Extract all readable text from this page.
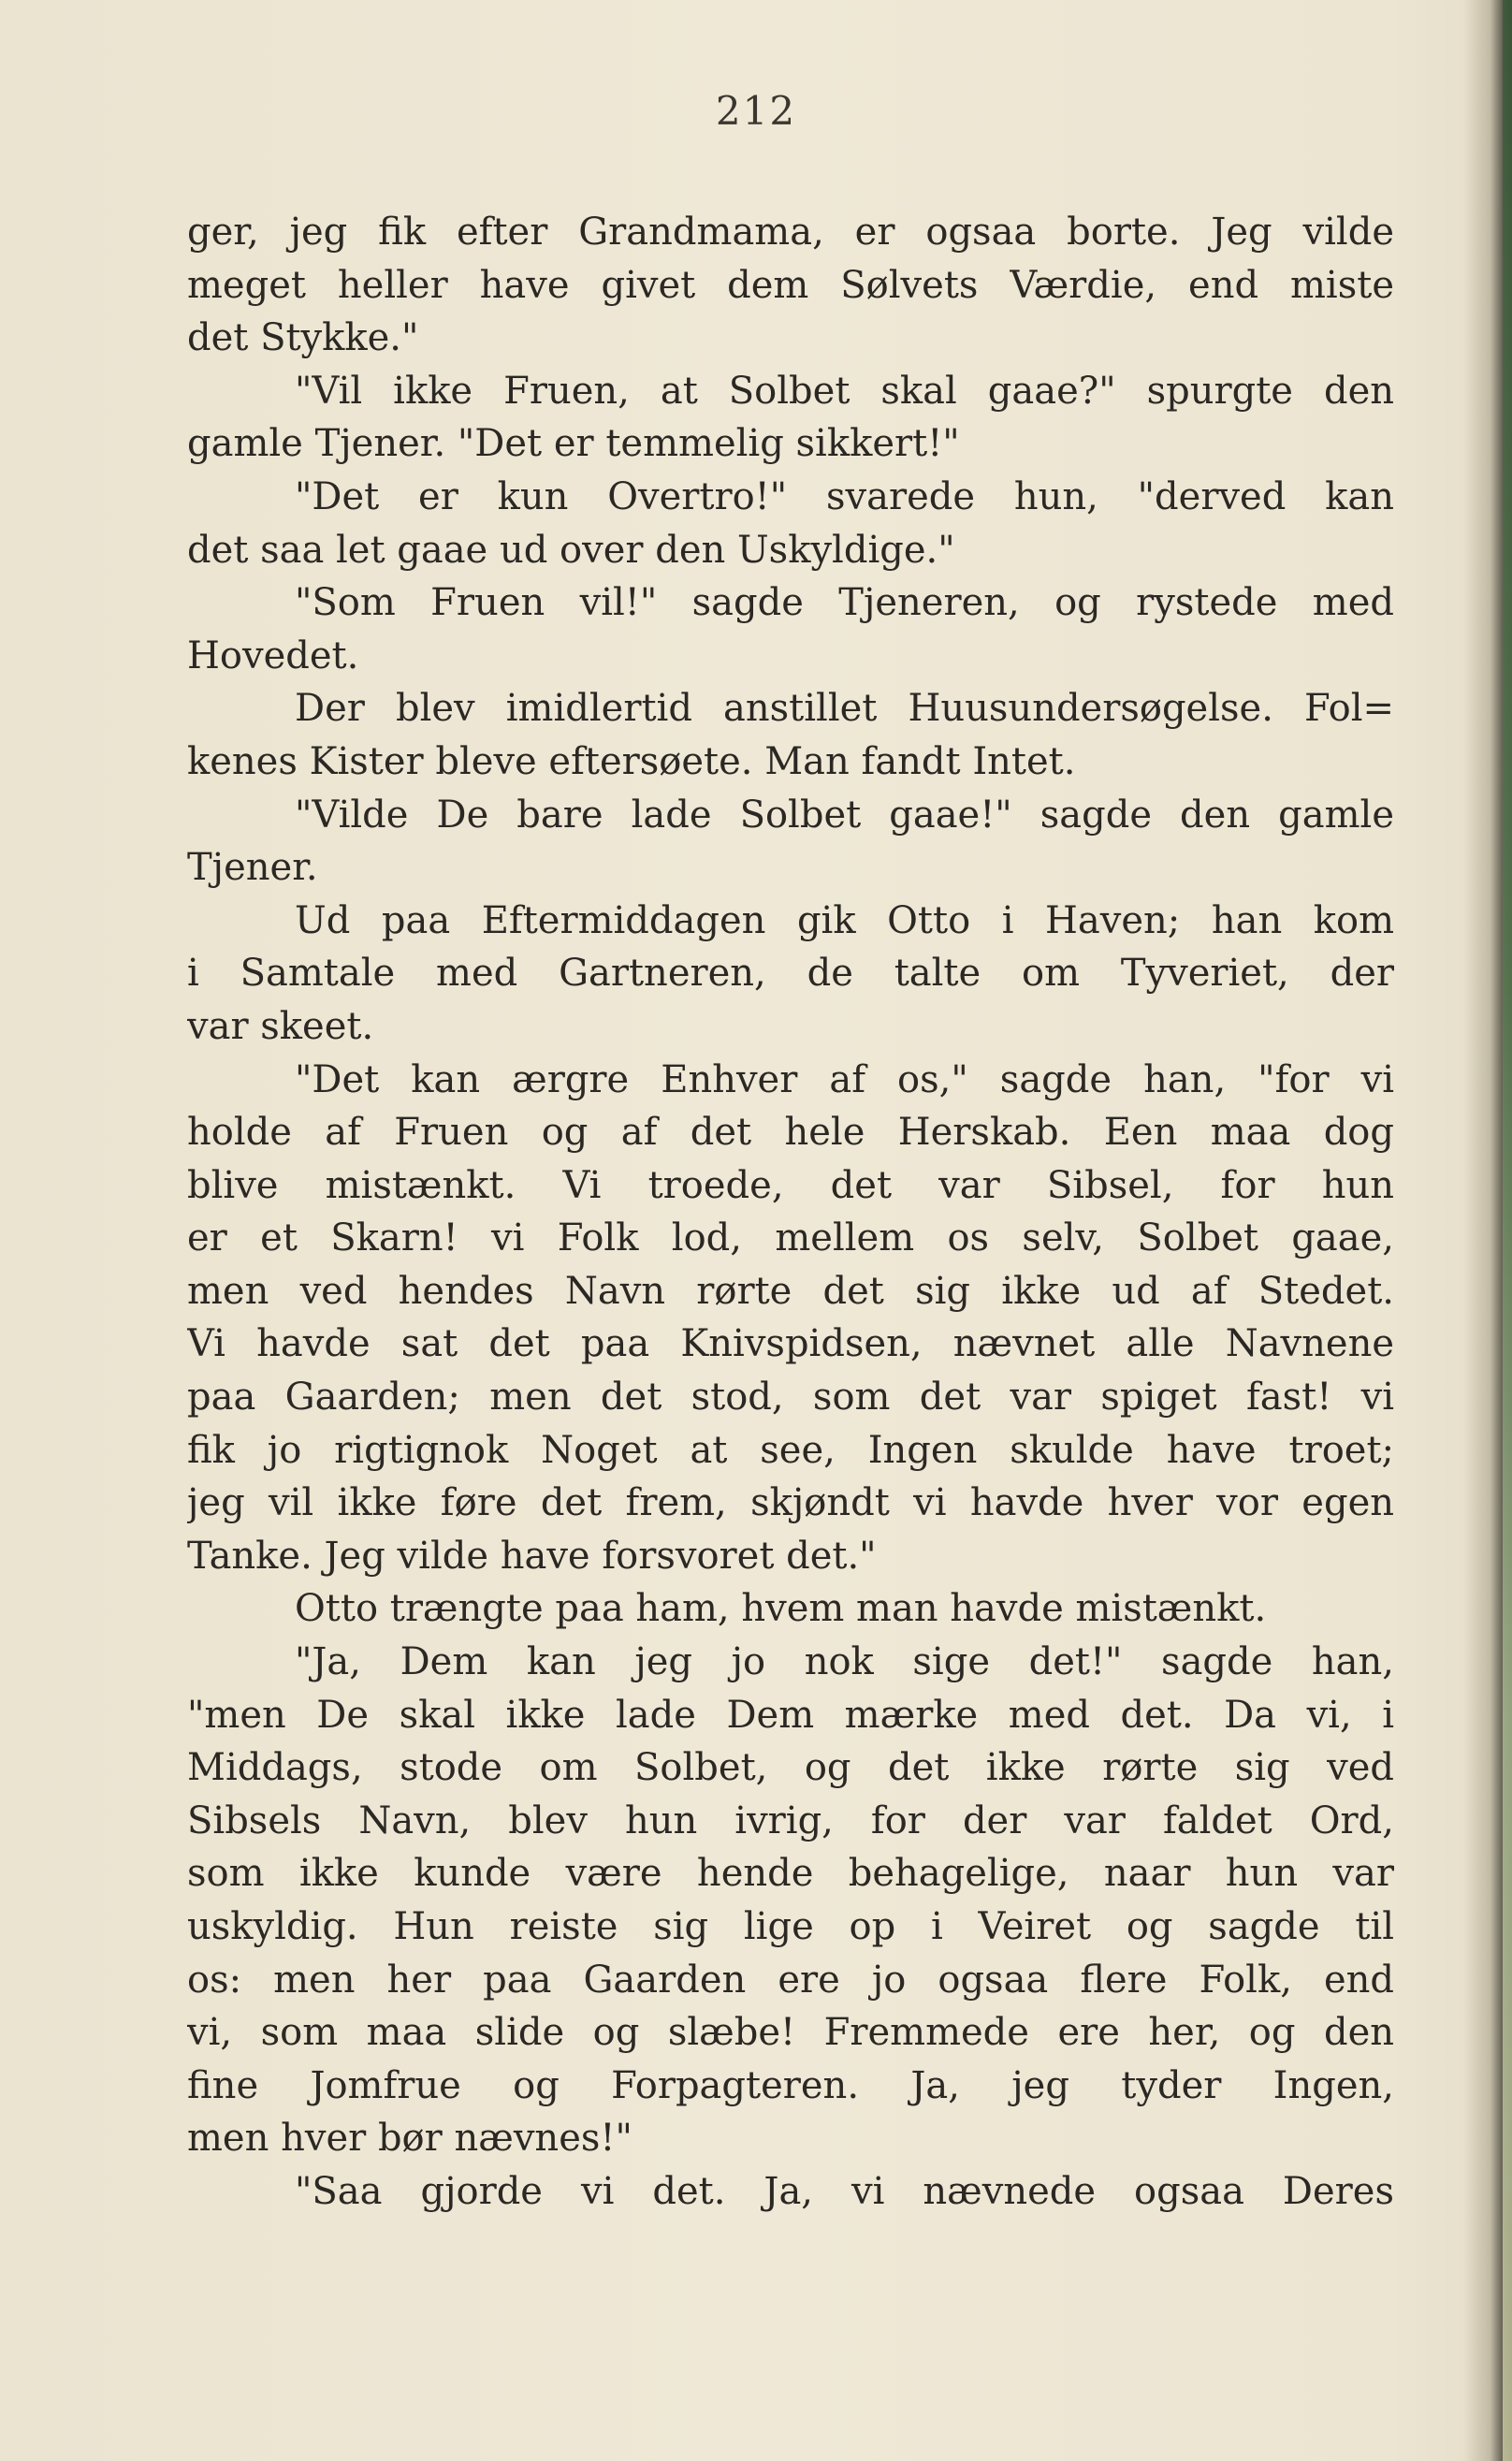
212
ger, jeg fik efter Grandmama, er ogsaa borte. Jeg vilde
meget heller have givet dem Sølvets Værdie, end miste
det Stykke."
"Vil ikke Fruen, at Solbet skal gaae?" spurgte den
gamle Tjener. "Det er temmelig sikkert!"
"Det er kun Overtro!" svarede hun, "derved kan
det saa let gaae ud over den Uskyldige."
"Som Fruen vil!" sagde Tjeneren, og rystede med
Hovedet.
Der blev imidlertid anstillet Huusundersøgelse. Fol=
kenes Kister bleve eftersøete. Man fandt Intet.
"Vilde De bare lade Solbet gaae!" sagde den gamle
Tjener.
Ud paa Eftermiddagen gik Otto i Haven; han kom
i Samtale med Gartneren, de talte om Tyveriet, der
var skeet.
"Det kan ærgre Enhver af os," sagde han, "for vi
holde af Fruen og af det hele Herskab. Een maa dog
blive mistænkt. Vi troede, det var Sibsel, for hun
er et Skarn! vi Folk lod, mellem os selv, Solbet gaae,
men ved hendes Navn rørte det sig ikke ud af Stedet.
Vi havde sat det paa Knivspidsen, nævnet alle Navnene
paa Gaarden; men det stod, som det var spiget fast! vi
fik jo rigtignok Noget at see, Ingen skulde have troet;
jeg vil ikke føre det frem, skjøndt vi havde hver vor egen
Tanke. Jeg vilde have forsvoret det."
Otto trængte paa ham, hvem man havde mistænkt.
"Ja, Dem kan jeg jo nok sige det!" sagde han,
"men De skal ikke lade Dem mærke med det. Da vi, i
Middags, stode om Solbet, og det ikke rørte sig ved
Sibsels Navn, blev hun ivrig, for der var faldet Ord,
som ikke kunde være hende behagelige, naar hun var
uskyldig. Hun reiste sig lige op i Veiret og sagde til
os: men her paa Gaarden ere jo ogsaa flere Folk, end
vi, som maa slide og slæbe! Fremmede ere her, og den
fine Jomfrue og Forpagteren. Ja, jeg tyder Ingen,
men hver bør nævnes!"
"Saa gjorde vi det. Ja, vi nævnede ogsaa Deres
